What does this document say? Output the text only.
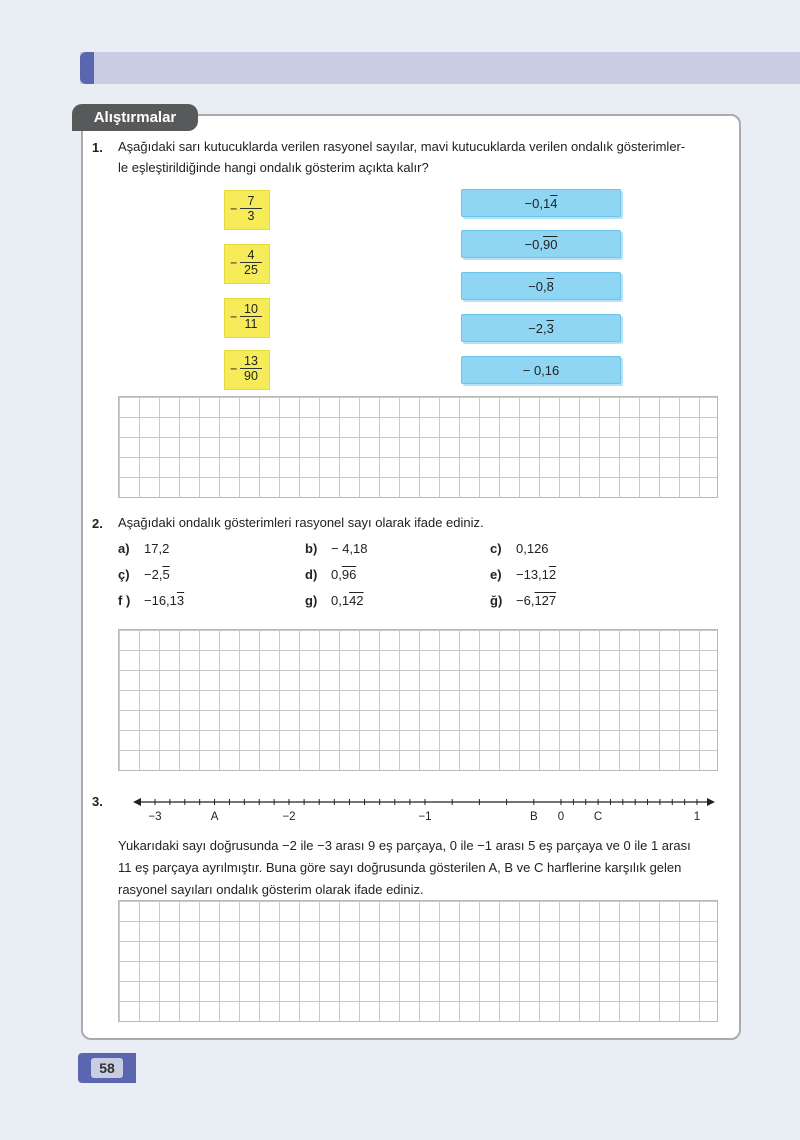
Alıştırmalar
1. Aşağıdaki sarı kutucuklarda verilen rasyonel sayılar, mavi kutucuklarda verilen ondalık gösterimler-
le eşleştirildiğinde hangi ondalık gösterim açıkta kalır?
− $\frac{7}{3}$
− $\frac{4}{25}$
− $\frac{10}{11}$
− $\frac{13}{90}$
−0,14
−0,90
−0,8
−2,3
− 0,16
2. Aşağıdaki ondalık gösterimleri rasyonel sayı olarak ifade ediniz.
a) 17,2	b) − 4,18	c) 0,126
ç) −2,5	d) 0,96	e) −13,12
f ) −16,13	g) 0,142	ğ) −6,127
3.
−3	A	−2	−1	B 0	C	1
Yukarıdaki sayı doğrusunda −2 ile −3 arası 9 eş parçaya, 0 ile −1 arası 5 eş parçaya ve 0 ile 1 arası
11 eş parçaya ayrılmıştır. Buna göre sayı doğrusunda gösterilen A, B ve C harflerine karşılık gelen
rasyonel sayıları ondalık gösterim olarak ifade ediniz.
58
